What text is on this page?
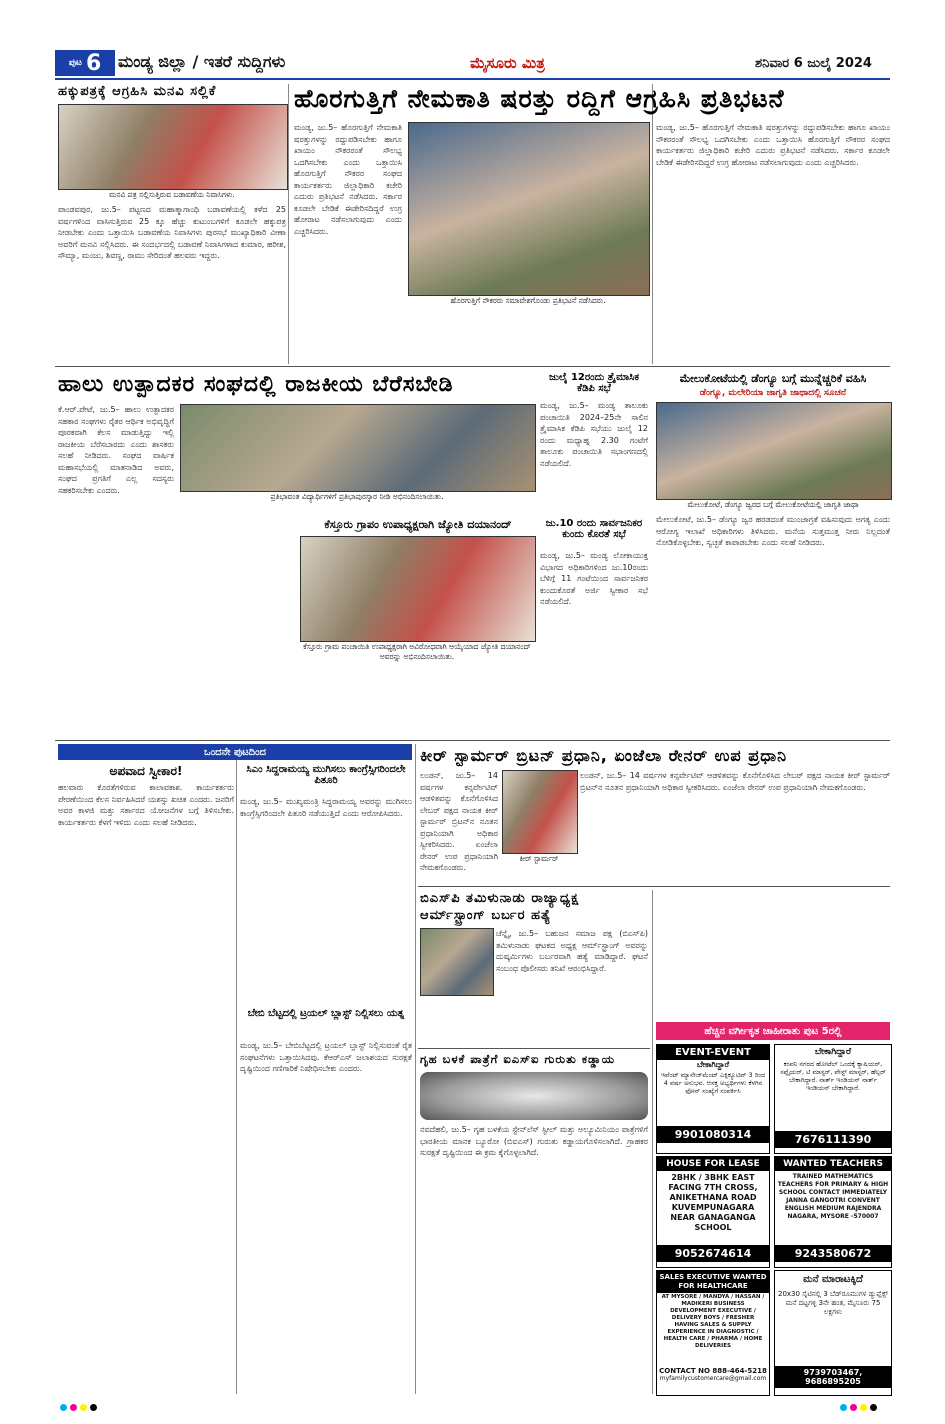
ಪುಟ 6 ಮಂಡ್ಯ ಜಿಲ್ಲಾ / ಇತರೆ ಸುದ್ದಿಗಳು	ಮೈಸೂರು ಮಿತ್ರ	ಶನಿವಾರ 6 ಜುಲೈ 2024
ಹಕ್ಕುಪತ್ರಕ್ಕೆ ಆಗ್ರಹಿಸಿ ಮನವಿ ಸಲ್ಲಿಕೆ
ಮನವಿ ಪತ್ರ ಸಲ್ಲಿಸುತ್ತಿರುವ ಬಡಾವಣೆಯ ನಿವಾಸಿಗಳು.
ಪಾಂಡವಪುರ, ಜು.5– ಪಟ್ಟಣದ ಮಹಾತ್ಮಾಗಾಂಧಿ ಬಡಾವಣೆಯಲ್ಲಿ ಕಳೆದ 25 ವರ್ಷಗಳಿಂದ ವಾಸಿಸುತ್ತಿರುವ 25 ಕ್ಕೂ ಹೆಚ್ಚು ಕುಟುಂಬಗಳಿಗೆ ಕೂಡಲೇ ಹಕ್ಕುಪತ್ರ ನೀಡಬೇಕು ಎಂದು ಒತ್ತಾಯಿಸಿ ಬಡಾವಣೆಯ ನಿವಾಸಿಗಳು ಪುರಸಭೆ ಮುಖ್ಯಾಧಿಕಾರಿ ವೀಣಾ ಅವರಿಗೆ ಮನವಿ ಸಲ್ಲಿಸಿದರು. ಈ ಸಂದರ್ಭದಲ್ಲಿ ಬಡಾವಣೆ ನಿವಾಸಿಗಳಾದ ಕುಮಾರ, ಹರೀಶ, ಸೌಮ್ಯಾ, ಮಂಜು, ಶಿವಣ್ಣ, ರಾಮು ಸೇರಿದಂತೆ ಹಲವರು ಇದ್ದರು.
ಹೊರಗುತ್ತಿಗೆ ನೇಮಕಾತಿ ಷರತ್ತು ರದ್ದಿಗೆ ಆಗ್ರಹಿಸಿ ಪ್ರತಿಭಟನೆ
ಮಂಡ್ಯ, ಜು.5– ಹೊರಗುತ್ತಿಗೆ ನೇಮಕಾತಿ ಷರತ್ತುಗಳನ್ನು ರದ್ದುಪಡಿಸಬೇಕು ಹಾಗೂ ಖಾಯಂ ನೌಕರರಂತೆ ಸೌಲಭ್ಯ ಒದಗಿಸಬೇಕು ಎಂದು ಒತ್ತಾಯಿಸಿ ಹೊರಗುತ್ತಿಗೆ ನೌಕರರ ಸಂಘದ ಕಾರ್ಯಕರ್ತರು ಜಿಲ್ಲಾಧಿಕಾರಿ ಕಚೇರಿ ಎದುರು ಪ್ರತಿಭಟನೆ ನಡೆಸಿದರು. ಸರ್ಕಾರ ಕೂಡಲೇ ಬೇಡಿಕೆ ಈಡೇರಿಸದಿದ್ದರೆ ಉಗ್ರ ಹೋರಾಟ ನಡೆಸಲಾಗುವುದು ಎಂದು ಎಚ್ಚರಿಸಿದರು.
ಹೊರಗುತ್ತಿಗೆ ನೌಕರರು ಸಮಾವೇಶಗೊಂಡು ಪ್ರತಿಭಟನೆ ನಡೆಸಿದರು.
ಮಂಡ್ಯ, ಜು.5– ಹೊರಗುತ್ತಿಗೆ ನೇಮಕಾತಿ ಷರತ್ತುಗಳನ್ನು ರದ್ದುಪಡಿಸಬೇಕು ಹಾಗೂ ಖಾಯಂ ನೌಕರರಂತೆ ಸೌಲಭ್ಯ ಒದಗಿಸಬೇಕು ಎಂದು ಒತ್ತಾಯಿಸಿ ಹೊರಗುತ್ತಿಗೆ ನೌಕರರ ಸಂಘದ ಕಾರ್ಯಕರ್ತರು ಜಿಲ್ಲಾಧಿಕಾರಿ ಕಚೇರಿ ಎದುರು ಪ್ರತಿಭಟನೆ ನಡೆಸಿದರು. ಸರ್ಕಾರ ಕೂಡಲೇ ಬೇಡಿಕೆ ಈಡೇರಿಸದಿದ್ದರೆ ಉಗ್ರ ಹೋರಾಟ ನಡೆಸಲಾಗುವುದು ಎಂದು ಎಚ್ಚರಿಸಿದರು.
ಹಾಲು ಉತ್ಪಾದಕರ ಸಂಘದಲ್ಲಿ ರಾಜಕೀಯ ಬೆರೆಸಬೇಡಿ
ಕೆ.ಆರ್.ಪೇಟೆ, ಜು.5– ಹಾಲು ಉತ್ಪಾದಕರ ಸಹಕಾರ ಸಂಘಗಳು ರೈತರ ಆರ್ಥಿಕ ಅಭಿವೃದ್ಧಿಗೆ ಪೂರಕವಾಗಿ ಕೆಲಸ ಮಾಡುತ್ತಿದ್ದು ಇಲ್ಲಿ ರಾಜಕೀಯ ಬೆರೆಸಬಾರದು ಎಂದು ಶಾಸಕರು ಸಲಹೆ ನೀಡಿದರು. ಸಂಘದ ವಾರ್ಷಿಕ ಮಹಾಸಭೆಯಲ್ಲಿ ಮಾತನಾಡಿದ ಅವರು, ಸಂಘದ ಪ್ರಗತಿಗೆ ಎಲ್ಲ ಸದಸ್ಯರು ಸಹಕರಿಸಬೇಕು ಎಂದರು.
ಪ್ರತಿಭಾವಂತ ವಿದ್ಯಾರ್ಥಿಗಳಿಗೆ ಪ್ರತಿಭಾಪುರಸ್ಕಾರ ನೀಡಿ ಅಭಿನಂದಿಸಲಾಯಿತು.
ಕೆಸ್ತೂರು ಗ್ರಾಪಂ ಉಪಾಧ್ಯಕ್ಷರಾಗಿ ಜ್ಯೋತಿ ದಯಾನಂದ್
ಕೆಸ್ತೂರು ಗ್ರಾಮ ಪಂಚಾಯಿತಿ ಉಪಾಧ್ಯಕ್ಷರಾಗಿ ಅವಿರೋಧವಾಗಿ ಆಯ್ಕೆಯಾದ ಜ್ಯೋತಿ ದಯಾನಂದ್ ಅವರನ್ನು ಅಭಿನಂದಿಸಲಾಯಿತು.
ಜುಲೈ 12ರಂದು ತ್ರೈಮಾಸಿಕ ಕೆಡಿಪಿ ಸಭೆ
ಮಂಡ್ಯ, ಜು.5– ಮಂಡ್ಯ ತಾಲೂಕು ಪಂಚಾಯಿತಿ 2024–25ನೇ ಸಾಲಿನ ತ್ರೈಮಾಸಿಕ ಕೆಡಿಪಿ ಸಭೆಯು ಜುಲೈ 12 ರಂದು ಮಧ್ಯಾಹ್ನ 2.30 ಗಂಟೆಗೆ ತಾಲೂಕು ಪಂಚಾಯಿತಿ ಸಭಾಂಗಣದಲ್ಲಿ ನಡೆಯಲಿದೆ.
ಜು.10 ರಂದು ಸಾರ್ವಜನಿಕರ ಕುಂದು ಕೊರತೆ ಸಭೆ
ಮಂಡ್ಯ, ಜು.5– ಮಂಡ್ಯ ಲೋಕಾಯುಕ್ತ ವಿಭಾಗದ ಅಧಿಕಾರಿಗಳಿಂದ ಜು.10ರಂದು ಬೆಳಿಗ್ಗೆ 11 ಗಂಟೆಯಿಂದ ಸಾರ್ವಜನಿಕರ ಕುಂದುಕೊರತೆ ಅರ್ಜಿ ಸ್ವೀಕಾರ ಸಭೆ ನಡೆಯಲಿದೆ.
ಮೇಲುಕೋಟೆಯಲ್ಲಿ ಡೆಂಗ್ಯೂ ಬಗ್ಗೆ ಮುನ್ನೆಚ್ಚರಿಕೆ ವಹಿಸಿ
ಡೆಂಗ್ಯೂ, ಮಲೇರಿಯಾ ಜಾಗೃತಿ ಜಾಥಾದಲ್ಲಿ ಸೂಚನೆ
ಮೇಲುಕೋಟೆ, ಡೆಂಗ್ಯೂ ಜ್ವರದ ಬಗ್ಗೆ ಮೇಲುಕೋಟೆಯಲ್ಲಿ ಜಾಗೃತಿ ಜಾಥಾ
ಮೇಲುಕೋಟೆ, ಜು.5– ಡೆಂಗ್ಯೂ ಜ್ವರ ಹರಡದಂತೆ ಮುಂಜಾಗ್ರತೆ ವಹಿಸುವುದು ಅಗತ್ಯ ಎಂದು ಆರೋಗ್ಯ ಇಲಾಖೆ ಅಧಿಕಾರಿಗಳು ತಿಳಿಸಿದರು. ಮನೆಯ ಸುತ್ತಮುತ್ತ ನೀರು ನಿಲ್ಲದಂತೆ ನೋಡಿಕೊಳ್ಳಬೇಕು, ಸ್ವಚ್ಛತೆ ಕಾಪಾಡಬೇಕು ಎಂದು ಸಲಹೆ ನೀಡಿದರು.
ಒಂದನೇ ಪುಟದಿಂದ
ಅಪವಾದ ಸ್ವೀಕಾರ!
ಹಲವಾರು ಕೊರತೆಗಳಿರುವ ಕಾಲಾವಕಾಶ. ಕಾರ್ಯಕರ್ತರು ಪೇರಣೆಯಿಂದ ಕೆಲಸ ನಿರ್ವಹಿಸಿದರೆ ಯಶಸ್ಸು ಖಚಿತ ಎಂದರು. ಜನರಿಗೆ ಅವರ ಕಾಳಜಿ ಮತ್ತು ಸರ್ಕಾರದ ಯೋಜನೆಗಳ ಬಗ್ಗೆ ತಿಳಿಸಬೇಕು. ಕಾರ್ಯಕರ್ತರು ಕೆಳಗೆ ಇಳಿದು ಎಂದು ಸಲಹೆ ನೀಡಿದರು.
ಸಿಎಂ ಸಿದ್ದರಾಮಯ್ಯ ಮುಗಿಸಲು ಕಾಂಗ್ರೆಸ್ಸಿಗರಿಂದಲೇ ಪಿತೂರಿ
ಮಂಡ್ಯ, ಜು.5– ಮುಖ್ಯಮಂತ್ರಿ ಸಿದ್ದರಾಮಯ್ಯ ಅವರನ್ನು ಮುಗಿಸಲು ಕಾಂಗ್ರೆಸ್ಸಿಗರಿಂದಲೇ ಪಿತೂರಿ ನಡೆಯುತ್ತಿದೆ ಎಂದು ಆರೋಪಿಸಿದರು.
ಬೇಬಿ ಬೆಟ್ಟದಲ್ಲಿ ಟ್ರಯಲ್ ಬ್ಲಾಸ್ಟ್ ನಿಲ್ಲಿಸಲು ಯತ್ನ
ಮಂಡ್ಯ, ಜು.5– ಬೇಬಿಬೆಟ್ಟದಲ್ಲಿ ಟ್ರಯಲ್ ಬ್ಲಾಸ್ಟ್ ನಿಲ್ಲಿಸುವಂತೆ ರೈತ ಸಂಘಟನೆಗಳು ಒತ್ತಾಯಿಸಿದವು. ಕೆಆರ್‌ಎಸ್ ಜಲಾಶಯದ ಸುರಕ್ಷತೆ ದೃಷ್ಟಿಯಿಂದ ಗಣಿಗಾರಿಕೆ ನಿಷೇಧಿಸಬೇಕು ಎಂದರು.
ಕೀರ್ ಸ್ಟಾರ್ಮರ್ ಬ್ರಿಟನ್ ಪ್ರಧಾನಿ, ಏಂಜೆಲಾ ರೇನರ್ ಉಪ ಪ್ರಧಾನಿ
ಲಂಡನ್, ಜು.5– 14 ವರ್ಷಗಳ ಕನ್ಸರ್ವೇಟಿವ್ ಆಡಳಿತವನ್ನು ಕೊನೆಗೊಳಿಸಿದ ಲೇಬರ್ ಪಕ್ಷದ ನಾಯಕ ಕೀರ್ ಸ್ಟಾರ್ಮರ್ ಬ್ರಿಟನ್‌ನ ನೂತನ ಪ್ರಧಾನಿಯಾಗಿ ಅಧಿಕಾರ ಸ್ವೀಕರಿಸಿದರು. ಏಂಜೆಲಾ ರೇನರ್ ಉಪ ಪ್ರಧಾನಿಯಾಗಿ ನೇಮಕಗೊಂಡರು.
ಕೀರ್ ಸ್ಟಾರ್ಮರ್
ಲಂಡನ್, ಜು.5– 14 ವರ್ಷಗಳ ಕನ್ಸರ್ವೇಟಿವ್ ಆಡಳಿತವನ್ನು ಕೊನೆಗೊಳಿಸಿದ ಲೇಬರ್ ಪಕ್ಷದ ನಾಯಕ ಕೀರ್ ಸ್ಟಾರ್ಮರ್ ಬ್ರಿಟನ್‌ನ ನೂತನ ಪ್ರಧಾನಿಯಾಗಿ ಅಧಿಕಾರ ಸ್ವೀಕರಿಸಿದರು. ಏಂಜೆಲಾ ರೇನರ್ ಉಪ ಪ್ರಧಾನಿಯಾಗಿ ನೇಮಕಗೊಂಡರು.
ಬಿಎಸ್‌ಪಿ ತಮಿಳುನಾಡು ರಾಜ್ಯಾಧ್ಯಕ್ಷ ಆರ್ಮ್‌ಸ್ಟ್ರಾಂಗ್ ಬರ್ಬರ ಹತ್ಯೆ
ಚೆನ್ನೈ, ಜು.5– ಬಹುಜನ ಸಮಾಜ ಪಕ್ಷ (ಬಿಎಸ್‌ಪಿ) ತಮಿಳುನಾಡು ಘಟಕದ ಅಧ್ಯಕ್ಷ ಆರ್ಮ್‌ಸ್ಟ್ರಾಂಗ್ ಅವರನ್ನು ದುಷ್ಕರ್ಮಿಗಳು ಬರ್ಬರವಾಗಿ ಹತ್ಯೆ ಮಾಡಿದ್ದಾರೆ. ಘಟನೆ ಸಂಬಂಧ ಪೊಲೀಸರು ತನಿಖೆ ಆರಂಭಿಸಿದ್ದಾರೆ.
ಗೃಹ ಬಳಕೆ ಪಾತ್ರೆಗೆ ಐಎಸ್‌ಐ ಗುರುತು ಕಡ್ಡಾಯ
ನವದೆಹಲಿ, ಜು.5– ಗೃಹ ಬಳಕೆಯ ಸ್ಟೇನ್‌ಲೆಸ್ ಸ್ಟೀಲ್ ಮತ್ತು ಅಲ್ಯೂಮಿನಿಯಂ ಪಾತ್ರೆಗಳಿಗೆ ಭಾರತೀಯ ಮಾನಕ ಬ್ಯೂರೋ (ಬಿಐಎಸ್) ಗುರುತು ಕಡ್ಡಾಯಗೊಳಿಸಲಾಗಿದೆ. ಗ್ರಾಹಕರ ಸುರಕ್ಷತೆ ದೃಷ್ಟಿಯಿಂದ ಈ ಕ್ರಮ ಕೈಗೊಳ್ಳಲಾಗಿದೆ.
ಹೆಚ್ಚಿನ ವರ್ಗೀಕೃತ ಜಾಹೀರಾತು ಪುಟ 5ರಲ್ಲಿ
EVENT-EVENT
ಬೇಕಾಗಿದ್ದಾರೆ
ಇವೆಂಟ್ ಮ್ಯಾನೇಜ್‌ಮೆಂಟ್ ಎಕ್ಸಿಕ್ಯೂಟಿವ್ 3 ರಿಂದ 4 ವರ್ಷ ಅನುಭವ. ಆಸಕ್ತ ಅಭ್ಯರ್ಥಿಗಳು ಕೆಳಗಿನ ಫೋನ್ ಸಂಖ್ಯೆಗೆ ಸಂಪರ್ಕಿಸಿ
9901080314
ಬೇಕಾಗಿದ್ದಾರೆ
ಕಂಪನಿ ನಗರದ ಹೋಟೆಲ್ ಒಂದಕ್ಕೆ ಕ್ಯಾಷಿಯರ್, ಸಪ್ಲೈಯರ್, ಟಿ ಮಾಸ್ಟರ್, ಪೇಸ್ಟ್ ಮಾಸ್ಟರ್, ಹೆಲ್ಪರ್ ಬೇಕಾಗಿದ್ದಾರೆ. ನಾರ್ತ್ ಇಂಡಿಯನ್ ನಾರ್ತ್ ಇಂಡಿಯನ್ ಬೇಕಾಗಿದ್ದಾರೆ.
7676111390
HOUSE FOR LEASE
2BHK / 3BHK EAST FACING 7TH CROSS, ANIKETHANA ROAD KUVEMPUNAGARA NEAR GANAGANGA SCHOOL
9052674614
WANTED TEACHERS
TRAINED MATHEMATICS TEACHERS FOR PRIMARY & HIGH SCHOOL CONTACT IMMEDIATELY JANNA GANGOTRI CONVENT ENGLISH MEDIUM RAJENDRA NAGARA, MYSORE -570007
9243580672
SALES EXECUTIVE WANTED FOR HEALTHCARE
AT MYSORE / MANDYA / HASSAN / MADIKERI BUSINESS DEVELOPMENT EXECUTIVE / DELIVERY BOYS / FRESHER HAVING SALES & SUPPLY EXPERIENCE IN DIAGNOSTIC / HEALTH CARE / PHARMA / HOME DELIVERIES
CONTACT NO 888-464-5218
myfamilycustomercare@gmail.com
ಮನೆ ಮಾರಾಟಕ್ಕಿದೆ
20x30 ಸೈಟಿನಲ್ಲಿ 3 ಬೆಡ್‌ರೂಮುಗಳ ಡ್ಯುಪ್ಲೆಕ್ಸ್ ಮನೆ ದಟ್ಟಗಳ್ಳಿ 3ನೇ ಹಂತ, ಮೈಸೂರು 75 ಲಕ್ಷಗಳು
9739703467, 9686895205
